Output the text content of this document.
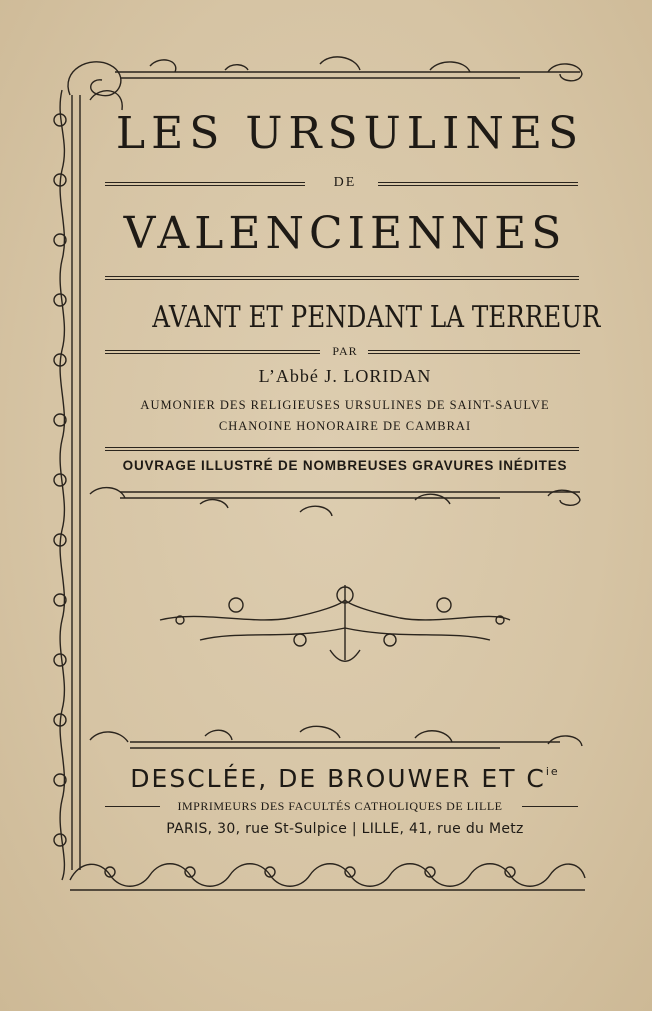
LES URSULINES
DE
VALENCIENNES
AVANT ET PENDANT LA TERREUR
PAR
L’Abbé J. LORIDAN
AUMONIER DES RELIGIEUSES URSULINES DE SAINT-SAULVE
CHANOINE HONORAIRE DE CAMBRAI
OUVRAGE ILLUSTRÉ DE NOMBREUSES GRAVURES INÉDITES
DESCLÉE, DE BROUWER ET $C^{ie}$
IMPRIMEURS DES FACULTÉS CATHOLIQUES DE LILLE
PARIS, 30, rue St-Sulpice | LILLE, 41, rue du Metz
